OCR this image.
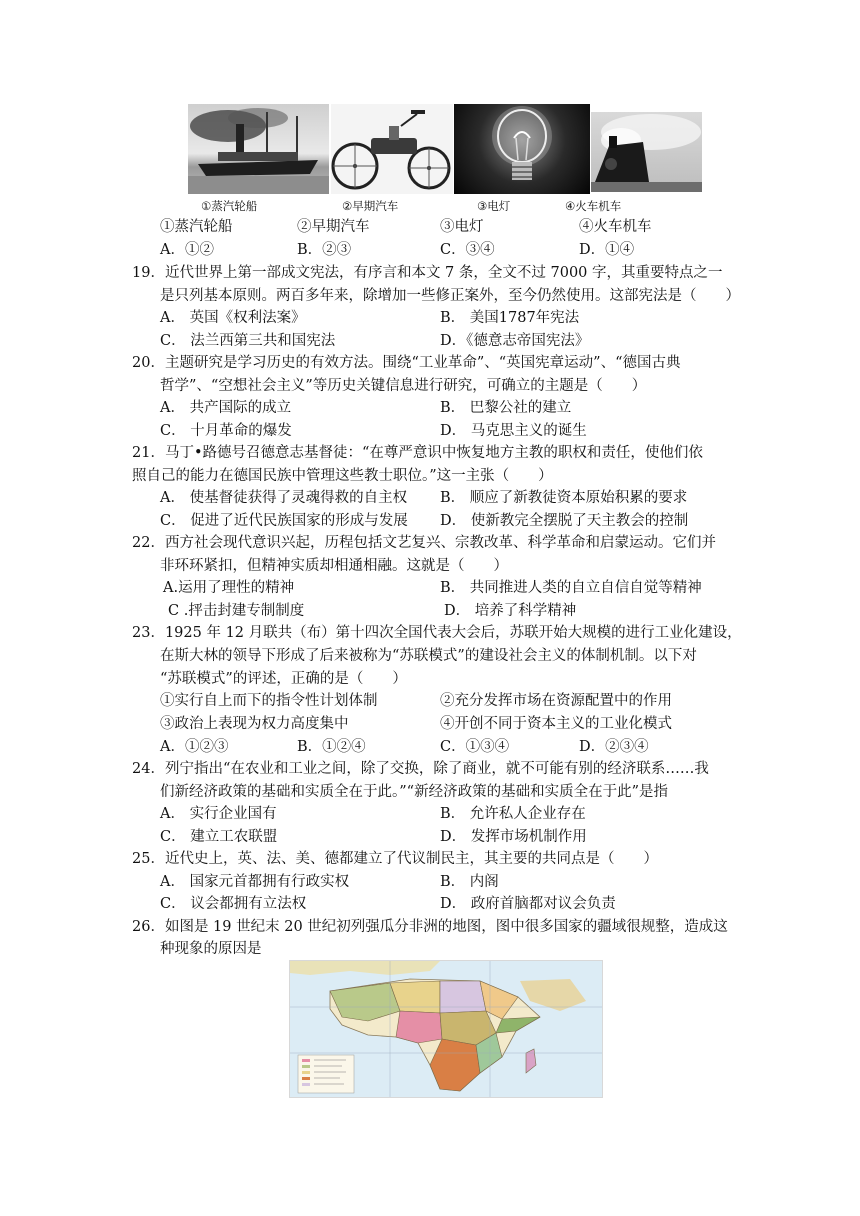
①蒸汽轮船	②早期汽车	③电灯	④火车机车
①蒸汽轮船	②早期汽车	③电灯	④火车机车
A．①②	B．②③	C．③④	D．①④
19．近代世界上第一部成文宪法，有序言和本文 7 条，全文不过 7000 字，其重要特点之一
是只列基本原则。两百多年来，除增加一些修正案外，至今仍然使用。这部宪法是（　　）
A． 英国《权利法案》	B． 美国1787年宪法
C． 法兰西第三共和国宪法	D．《德意志帝国宪法》
20．主题研究是学习历史的有效方法。围绕“工业革命”、“英国宪章运动”、“德国古典
哲学”、“空想社会主义”等历史关键信息进行研究，可确立的主题是（　　）
A． 共产国际的成立	B． 巴黎公社的建立
C． 十月革命的爆发	D． 马克思主义的诞生
21．马丁•路德号召德意志基督徒：“在尊严意识中恢复地方主教的职权和责任，使他们依
照自己的能力在德国民族中管理这些教士职位。”这一主张（　　）
A． 使基督徒获得了灵魂得救的自主权 B． 顺应了新教徒资本原始积累的要求
C． 促进了近代民族国家的形成与发展 D． 使新教完全摆脱了天主教会的控制
22．西方社会现代意识兴起，历程包括文艺复兴、宗教改革、科学革命和启蒙运动。它们并
非环环紧扣，但精神实质却相通相融。这就是（　　）
A.运用了理性的精神	B． 共同推进人类的自立自信自觉等精神
C .抨击封建专制制度	D． 培养了科学精神
23．1925 年 12 月联共（布）第十四次全国代表大会后，苏联开始大规模的进行工业化建设，
在斯大林的领导下形成了后来被称为“苏联模式”的建设社会主义的体制机制。以下对
“苏联模式”的评述，正确的是（　　）
①实行自上而下的指令性计划体制	②充分发挥市场在资源配置中的作用
③政治上表现为权力高度集中	④开创不同于资本主义的工业化模式
A．①②③	B．①②④	C．①③④	D．②③④
24．列宁指出“在农业和工业之间，除了交换，除了商业，就不可能有别的经济联系……我
们新经济政策的基础和实质全在于此。”“新经济政策的基础和实质全在于此”是指
A． 实行企业国有	B． 允许私人企业存在
C． 建立工农联盟	D． 发挥市场机制作用
25．近代史上，英、法、美、德都建立了代议制民主，其主要的共同点是（　　）
A． 国家元首都拥有行政实权	B． 内阁
C． 议会都拥有立法权	D． 政府首脑都对议会负责
26．如图是 19 世纪末 20 世纪初列强瓜分非洲的地图，图中很多国家的疆域很规整，造成这
种现象的原因是
